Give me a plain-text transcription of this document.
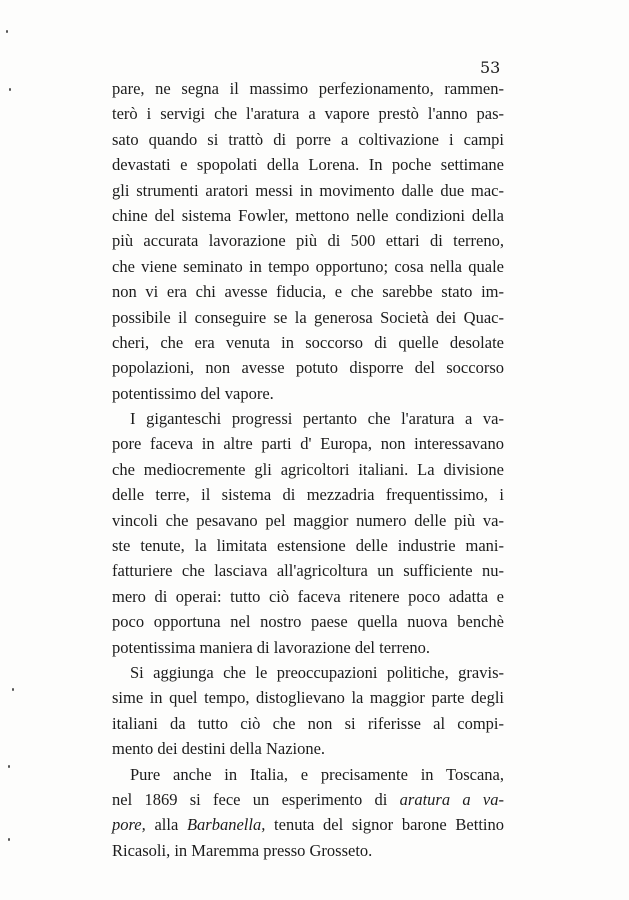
53
pare, ne segna il massimo perfezionamento, rammen-
terò i servigi che l'aratura a vapore prestò l'anno pas-
sato quando si trattò di porre a coltivazione i campi
devastati e spopolati della Lorena. In poche settimane
gli strumenti aratori messi in movimento dalle due mac-
chine del sistema Fowler, mettono nelle condizioni della
più accurata lavorazione più di 500 ettari di terreno,
che viene seminato in tempo opportuno; cosa nella quale
non vi era chi avesse fiducia, e che sarebbe stato im-
possibile il conseguire se la generosa Società dei Quac-
cheri, che era venuta in soccorso di quelle desolate
popolazioni, non avesse potuto disporre del soccorso
potentissimo del vapore.
I giganteschi progressi pertanto che l'aratura a va-
pore faceva in altre parti d' Europa, non interessavano
che mediocremente gli agricoltori italiani. La divisione
delle terre, il sistema di mezzadria frequentissimo, i
vincoli che pesavano pel maggior numero delle più va-
ste tenute, la limitata estensione delle industrie mani-
fatturiere che lasciava all'agricoltura un sufficiente nu-
mero di operai: tutto ciò faceva ritenere poco adatta e
poco opportuna nel nostro paese quella nuova benchè
potentissima maniera di lavorazione del terreno.
Si aggiunga che le preoccupazioni politiche, gravis-
sime in quel tempo, distoglievano la maggior parte degli
italiani da tutto ciò che non si riferisse al compi-
mento dei destini della Nazione.
Pure anche in Italia, e precisamente in Toscana,
nel 1869 si fece un esperimento di aratura a va-
pore, alla Barbanella, tenuta del signor barone Bettino
Ricasoli, in Maremma presso Grosseto.
